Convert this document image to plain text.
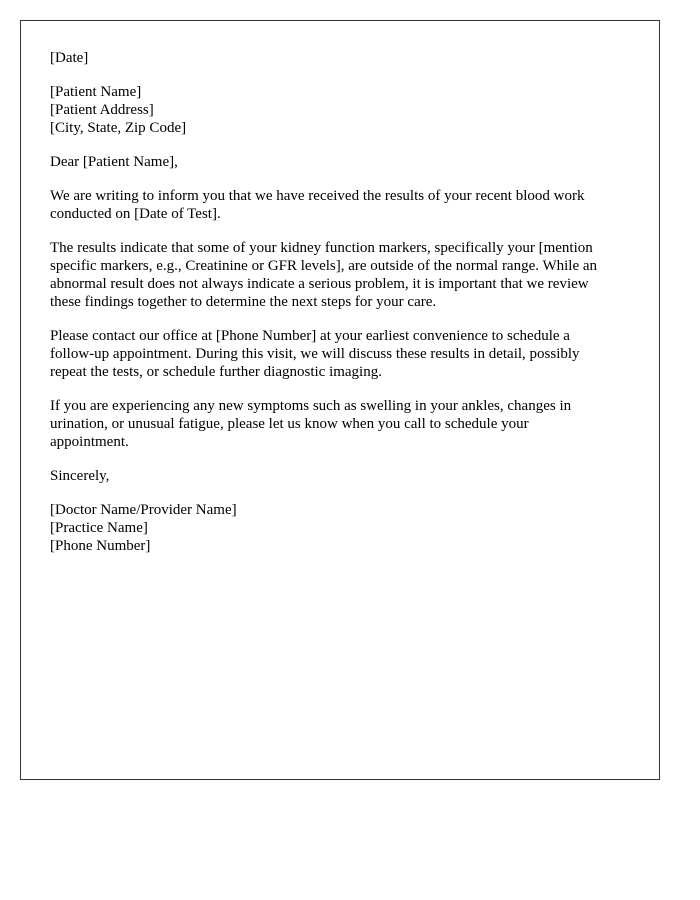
[Date]

[Patient Name]
[Patient Address]
[City, State, Zip Code]

Dear [Patient Name],

We are writing to inform you that we have received the results of your recent blood work
conducted on [Date of Test].

The results indicate that some of your kidney function markers, specifically your [mention
specific markers, e.g., Creatinine or GFR levels], are outside of the normal range. While an
abnormal result does not always indicate a serious problem, it is important that we review
these findings together to determine the next steps for your care.

Please contact our office at [Phone Number] at your earliest convenience to schedule a
follow-up appointment. During this visit, we will discuss these results in detail, possibly
repeat the tests, or schedule further diagnostic imaging.

If you are experiencing any new symptoms such as swelling in your ankles, changes in
urination, or unusual fatigue, please let us know when you call to schedule your
appointment.

Sincerely,

[Doctor Name/Provider Name]
[Practice Name]
[Phone Number]
